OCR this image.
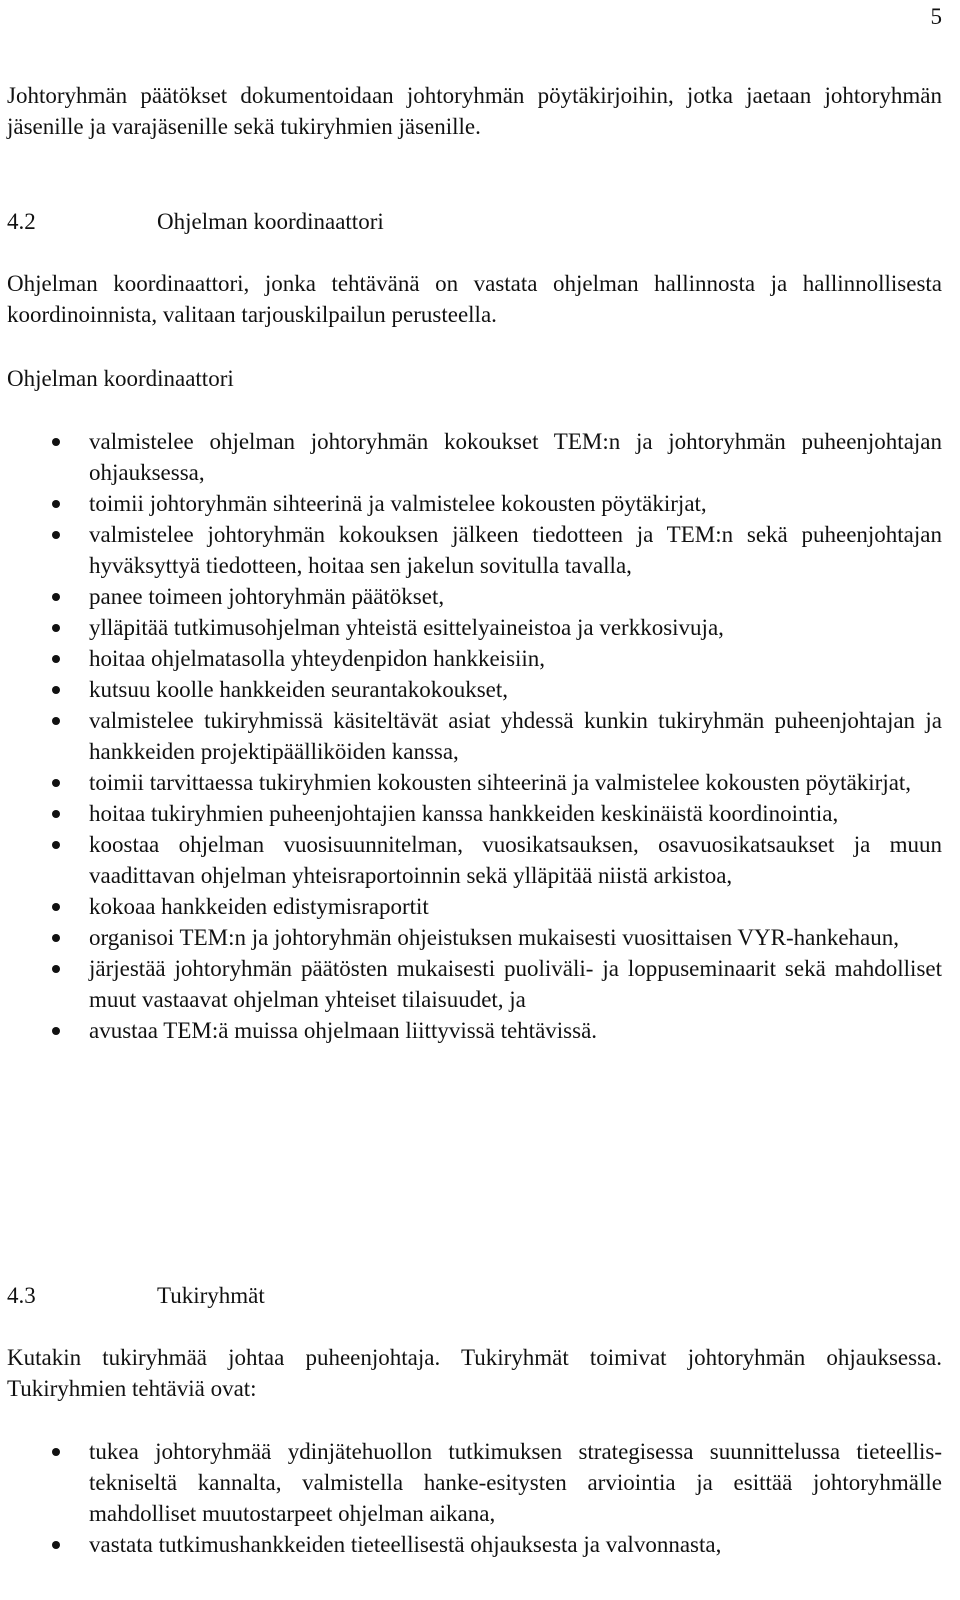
5

Johtoryhmän päätökset dokumentoidaan johtoryhmän pöytäkirjoihin, jotka jaetaan johtoryhmän jäsenille ja varajäsenille sekä tukiryhmien jäsenille.

4.2	Ohjelman koordinaattori

Ohjelman koordinaattori, jonka tehtävänä on vastata ohjelman hallinnosta ja hallinnollisesta koordinoinnista, valitaan tarjouskilpailun perusteella.

Ohjelman koordinaattori

valmistelee ohjelman johtoryhmän kokoukset TEM:n ja johtoryhmän puheenjohtajan ohjauksessa,
toimii johtoryhmän sihteerinä ja valmistelee kokousten pöytäkirjat,
valmistelee johtoryhmän kokouksen jälkeen tiedotteen ja TEM:n sekä puheenjohtajan hyväksyttyä tiedotteen, hoitaa sen jakelun sovitulla tavalla,
panee toimeen johtoryhmän päätökset,
ylläpitää tutkimusohjelman yhteistä esittelyaineistoa ja verkkosivuja,
hoitaa ohjelmatasolla yhteydenpidon hankkeisiin,
kutsuu koolle hankkeiden seurantakokoukset,
valmistelee tukiryhmissä käsiteltävät asiat yhdessä kunkin tukiryhmän puheenjohtajan ja hankkeiden projektipäälliköiden kanssa,
toimii tarvittaessa tukiryhmien kokousten sihteerinä ja valmistelee kokousten pöytäkirjat,
hoitaa tukiryhmien puheenjohtajien kanssa hankkeiden keskinäistä koordinointia,
koostaa ohjelman vuosisuunnitelman, vuosikatsauksen, osavuosikatsaukset ja muun vaadittavan ohjelman yhteisraportoinnin sekä ylläpitää niistä arkistoa,
kokoaa hankkeiden edistymisraportit
organisoi TEM:n ja johtoryhmän ohjeistuksen mukaisesti vuosittaisen VYR-hankehaun,
järjestää johtoryhmän päätösten mukaisesti puoliväli- ja loppuseminaarit sekä mahdolliset muut vastaavat ohjelman yhteiset tilaisuudet, ja
avustaa TEM:ä muissa ohjelmaan liittyvissä tehtävissä.
4.3	Tukiryhmät

Kutakin tukiryhmää johtaa puheenjohtaja. Tukiryhmät toimivat johtoryhmän ohjauksessa. Tukiryhmien tehtäviä ovat:

tukea johtoryhmää ydinjätehuollon tutkimuksen strategisessa suunnittelussa tieteellis-tekniseltä kannalta, valmistella hanke-esitysten arviointia ja esittää johtoryhmälle mahdolliset muutostarpeet ohjelman aikana,
vastata tutkimushankkeiden tieteellisestä ohjauksesta ja valvonnasta,
